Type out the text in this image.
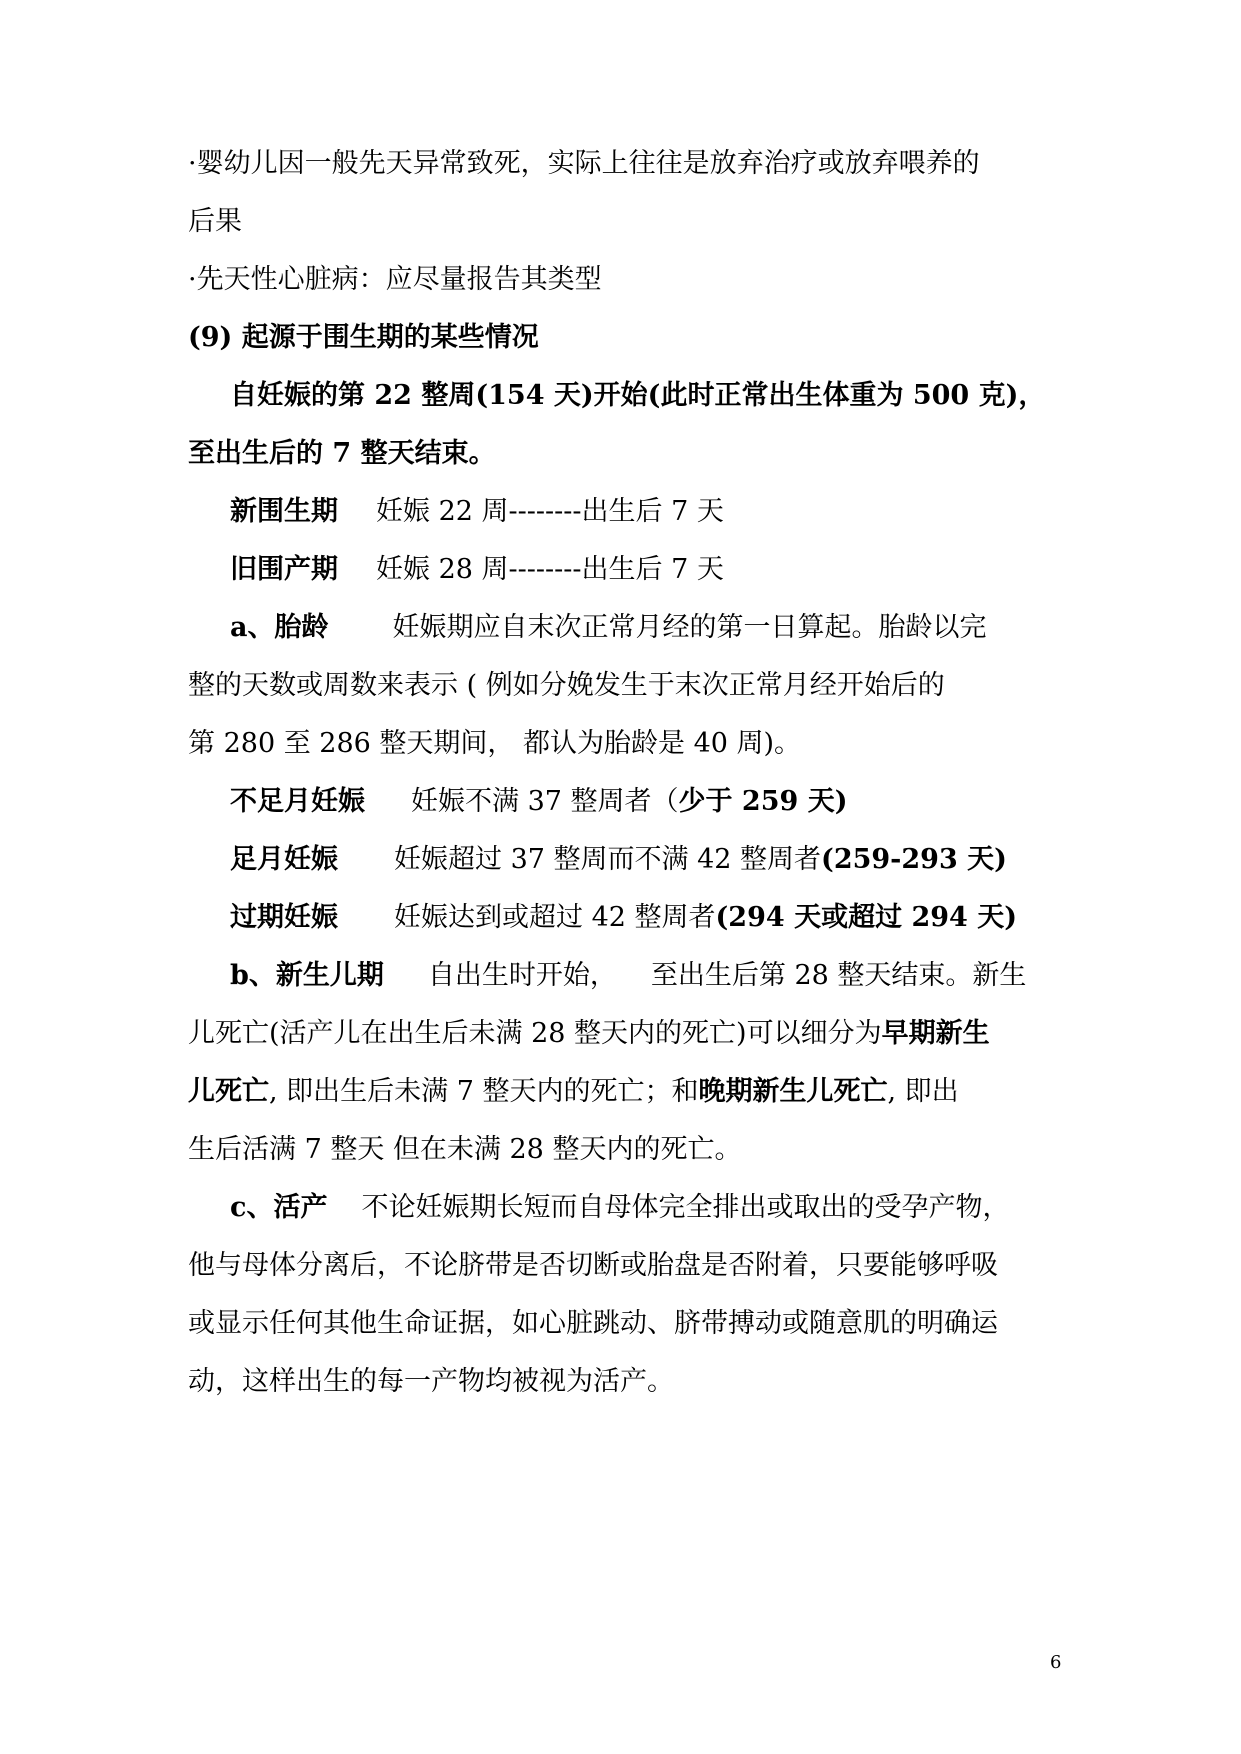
·婴幼儿因一般先天异常致死，实际上往往是放弃治疗或放弃喂养的
后果
·先天性心脏病：应尽量报告其类型
(9) 起源于围生期的某些情况
自妊娠的第 22 整周(154 天)开始(此时正常出生体重为 500 克)，
至出生后的 7 整天结束。
新围生期 妊娠 22 周--------出生后 7 天
旧围产期 妊娠 28 周--------出生后 7 天
a、胎龄 妊娠期应自末次正常月经的第一日算起。胎龄以完
整的天数或周数来表示 ( 例如分娩发生于末次正常月经开始后的
第 280 至 286 整天期间， 都认为胎龄是 40 周)。
不足月妊娠 妊娠不满 37 整周者（少于 259 天)
足月妊娠 妊娠超过 37 整周而不满 42 整周者(259-293 天)
过期妊娠 妊娠达到或超过 42 整周者(294 天或超过 294 天)
b、新生儿期 自出生时开始， 至出生后第 28 整天结束。新生
儿死亡(活产儿在出生后未满 28 整天内的死亡)可以细分为早期新生
儿死亡, 即出生后未满 7 整天内的死亡；和晚期新生儿死亡, 即出
生后活满 7 整天 但在未满 28 整天内的死亡。
c、活产 不论妊娠期长短而自母体完全排出或取出的受孕产物，
他与母体分离后，不论脐带是否切断或胎盘是否附着，只要能够呼吸
或显示任何其他生命证据，如心脏跳动、脐带搏动或随意肌的明确运
动，这样出生的每一产物均被视为活产。
6
